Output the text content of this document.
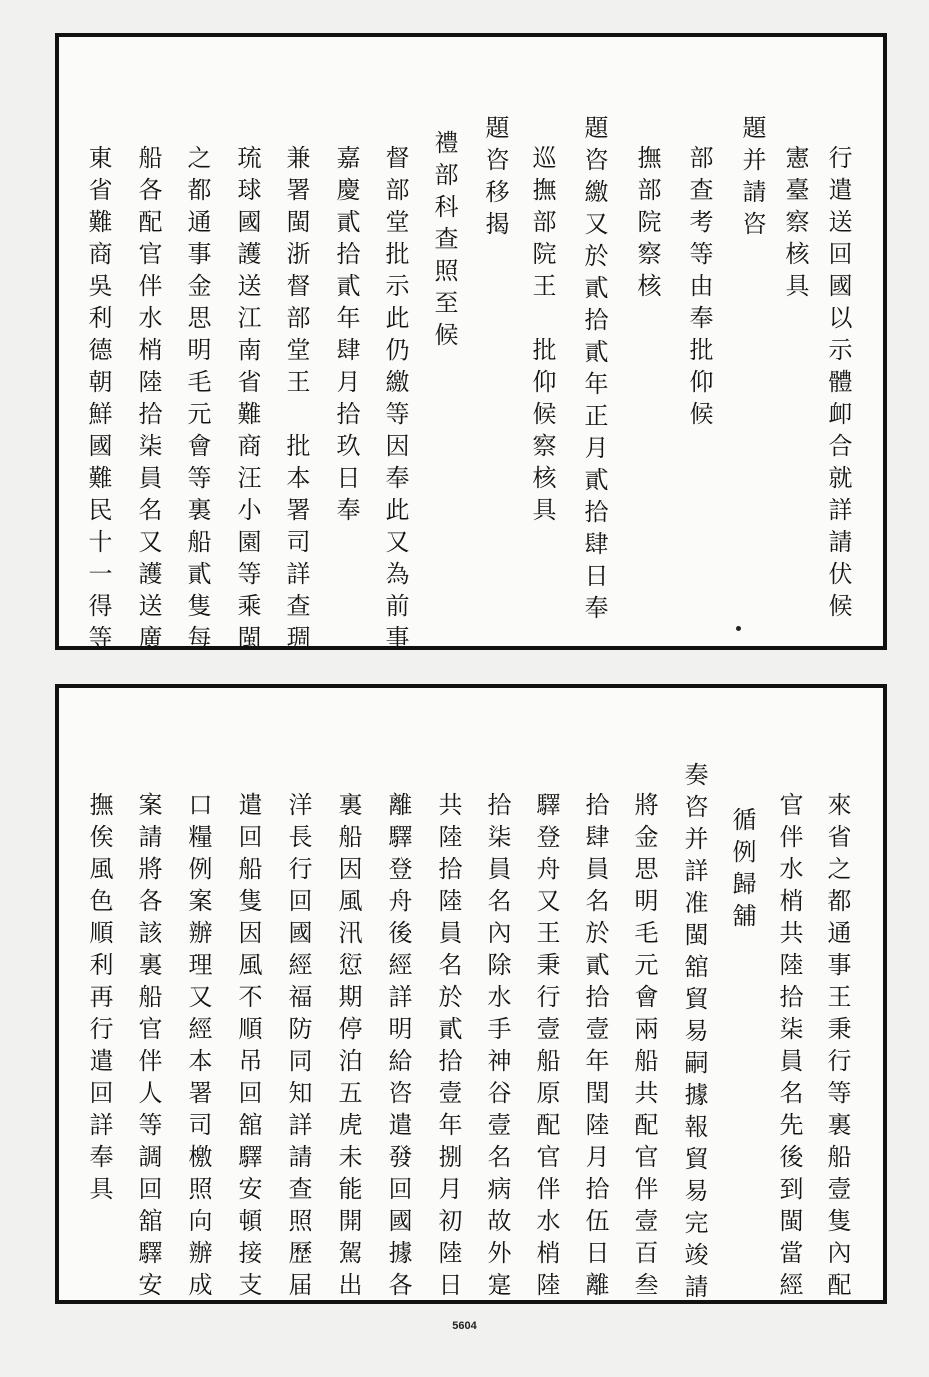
行遣送回國以示體卹合就詳請伏候
憲臺察核具
題并請咨
部查考等由奉批仰候
撫部院察核
題咨繳又於貳拾貳年正月貳拾肆日奉
巡撫部院王　批仰候察核具
題咨移揭
禮部科查照至候
督部堂批示此仍繳等因奉此又為前事
嘉慶貳拾貳年肆月拾玖日奉
兼署閩浙督部堂王　批本署司詳查琱
琉球國護送江南省難商汪小園等乘閩
之都通事金思明毛元會等裏船貳隻每
船各配官伴水梢陸拾柒員名又護送廣
東省難商吳利德朝鮮國難民十一得等
來省之都通事王秉行等裏船壹隻內配
官伴水梢共陸拾柒員名先後到閩當經
循例歸舖
奏咨并詳准閩舘貿易嗣據報貿易完竣請
將金思明毛元會兩船共配官伴壹百叁
拾肆員名於貳拾壹年閏陸月拾伍日離
驛登舟又王秉行壹船原配官伴水梢陸
拾柒員名內除水手神谷壹名病故外寔
共陸拾陸員名於貳拾壹年捌月初陸日
離驛登舟後經詳明給咨遣發回國據各
裏船因風汛愆期停泊五虎未能開駕出
洋長行回國經福防同知詳請查照歷届
遣回船隻因風不順吊回舘驛安頓接支
口糧例案辦理又經本署司檄照向辦成
案請將各該裏船官伴人等調回舘驛安
撫俟風色順利再行遣回詳奉具
5604
